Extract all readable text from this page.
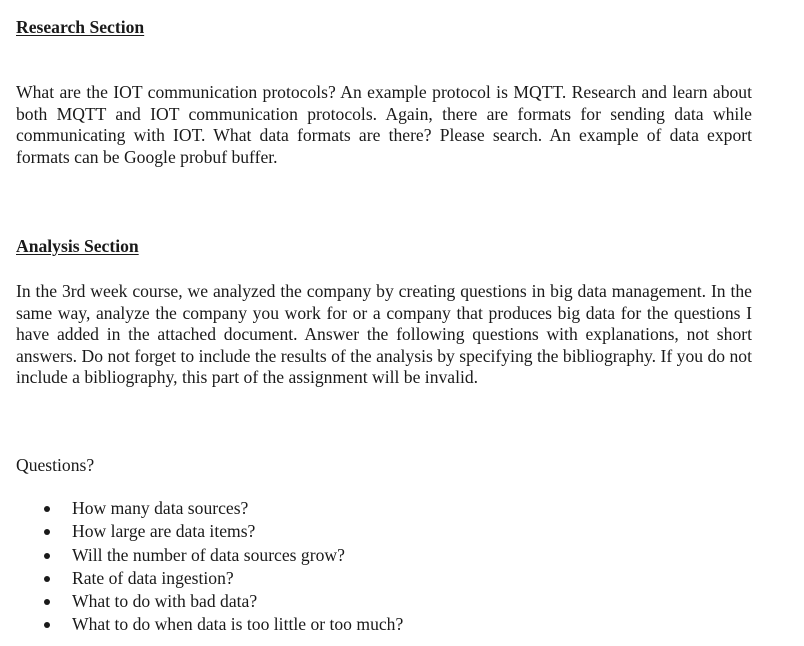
Research Section
What are the IOT communication protocols? An example protocol is MQTT. Research and learn about both MQTT and IOT communication protocols. Again, there are formats for sending data while communicating with IOT. What data formats are there? Please search. An example of data export formats can be Google probuf buffer.
Analysis Section
In the 3rd week course, we analyzed the company by creating questions in big data management. In the same way, analyze the company you work for or a company that produces big data for the questions I have added in the attached document. Answer the following questions with explanations, not short answers. Do not forget to include the results of the analysis by specifying the bibliography. If you do not include a bibliography, this part of the assignment will be invalid.
Questions?
How many data sources?
How large are data items?
Will the number of data sources grow?
Rate of data ingestion?
What to do with bad data?
What to do when data is too little or too much?
